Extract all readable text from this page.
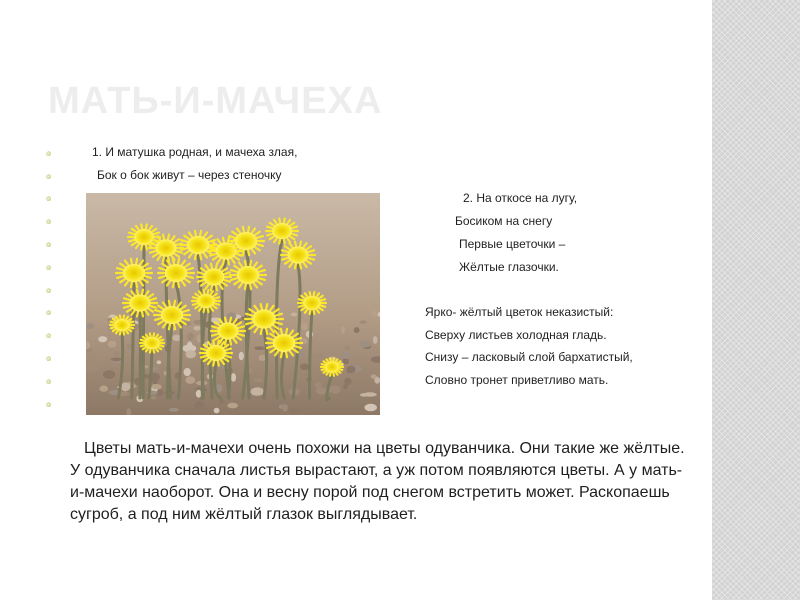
МАТЬ-И-МАЧЕХА
๏
๏
๏
๏
๏
๏
๏
๏
๏
๏
๏
๏
1. И матушка родная, и мачеха злая,
Бок о бок живут – через стеночку
2. На откосе на лугу,
Босиком на снегу
Первые цветочки –
Жёлтые глазочки.
Ярко- жёлтый цветок неказистый:
Сверху листьев холодная гладь.
Снизу – ласковый слой бархатистый,
Словно тронет приветливо мать.
Цветы мать-и-мачехи очень похожи на цветы одуванчика. Они такие же жёлтые. У одуванчика сначала листья вырастают, а уж потом появляются цветы. А у мать-и-мачехи наоборот. Она и весну порой под снегом встретить может. Раскопаешь сугроб, а под ним жёлтый глазок выглядывает.
